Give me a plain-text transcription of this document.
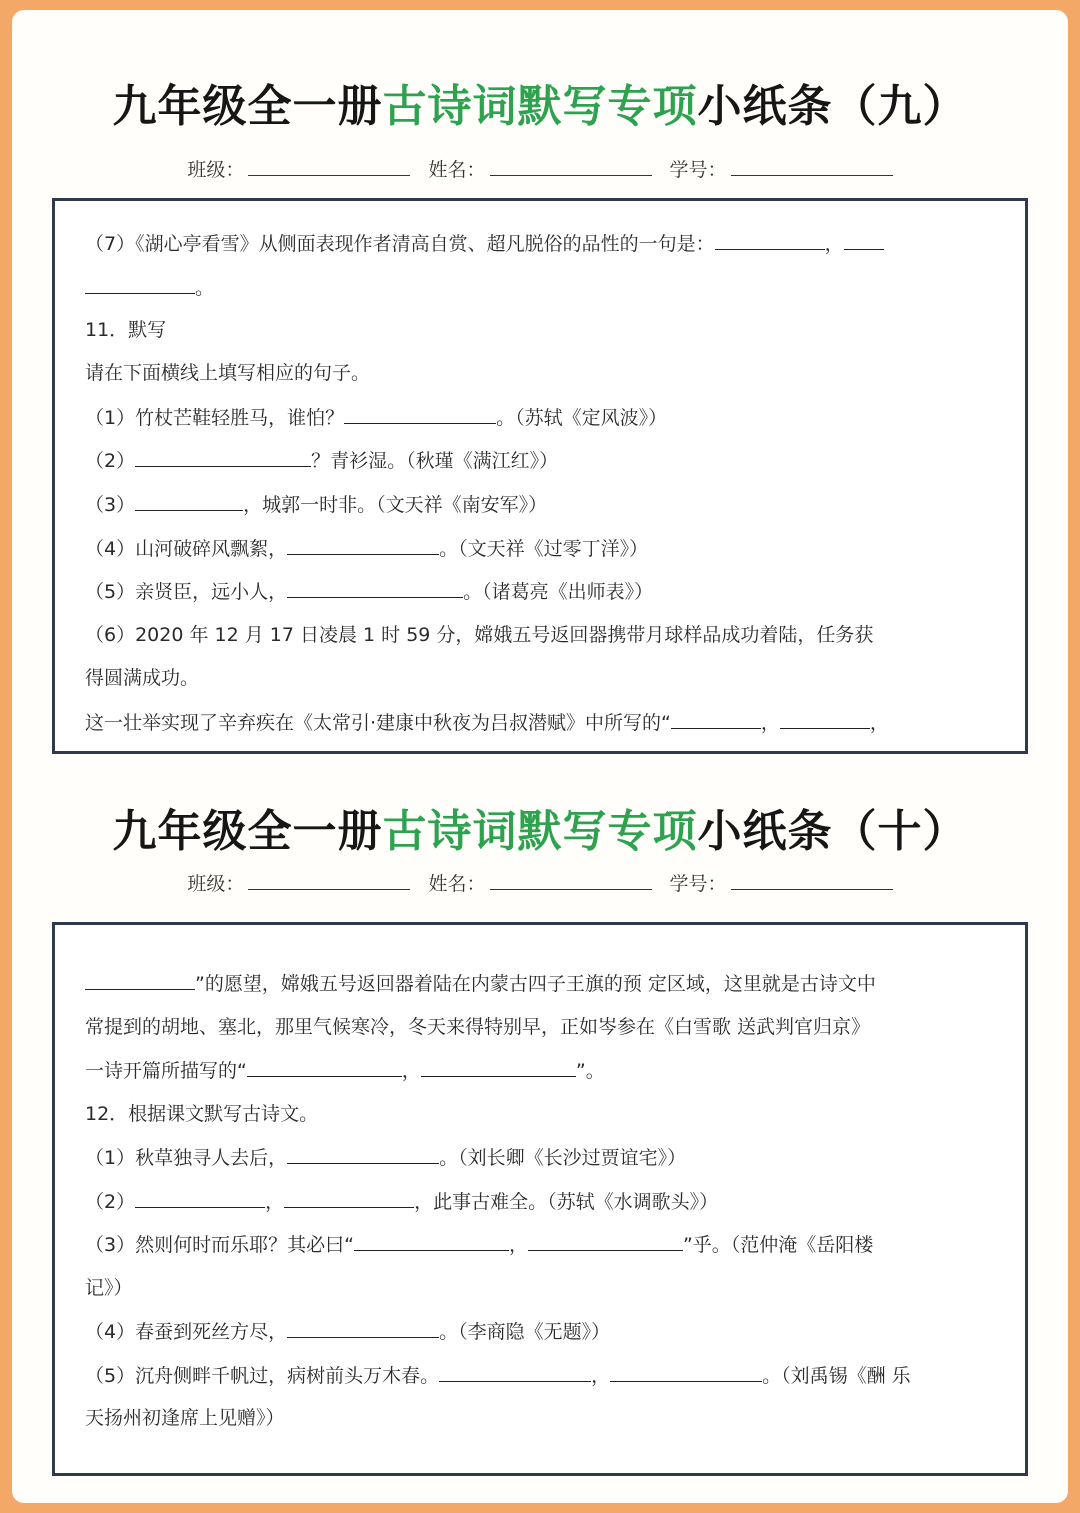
九年级全一册古诗词默写专项小纸条（九）
班级：	姓名：	学号：
（7）《湖心亭看雪》从侧面表现作者清高自赏、超凡脱俗的品性的一句是：	，
。
11．默写
请在下面横线上填写相应的句子。
（1）竹杖芒鞋轻胜马，谁怕？	。（苏轼《定风波》）
（2）	？青衫湿。（秋瑾《满江红》）
（3）	，城郭一时非。（文天祥《南安军》）
（4）山河破碎风飘絮，	。（文天祥《过零丁洋》）
（5）亲贤臣，远小人，	。（诸葛亮《出师表》）
（6）2020 年 12 月 17 日凌晨 1 时 59 分，嫦娥五号返回器携带月球样品成功着陆，任务获
得圆满成功。
这一壮举实现了辛弃疾在《太常引·建康中秋夜为吕叔潜赋》中所写的“	，	，
九年级全一册古诗词默写专项小纸条（十）
班级：	姓名：	学号：
”的愿望，嫦娥五号返回器着陆在内蒙古四子王旗的预 定区域，这里就是古诗文中
常提到的胡地、塞北，那里气候寒冷，冬天来得特别早，正如岑参在《白雪歌 送武判官归京》
一诗开篇所描写的“	，	”。
12．根据课文默写古诗文。
（1）秋草独寻人去后，	。（刘长卿《长沙过贾谊宅》）
（2）	，	，此事古难全。（苏轼《水调歌头》）
（3）然则何时而乐耶？其必曰“	，	”乎。（范仲淹《岳阳楼
记》）
（4）春蚕到死丝方尽，	。（李商隐《无题》）
（5）沉舟侧畔千帆过，病树前头万木春。	，	。（刘禹锡《酬 乐
天扬州初逢席上见赠》）
